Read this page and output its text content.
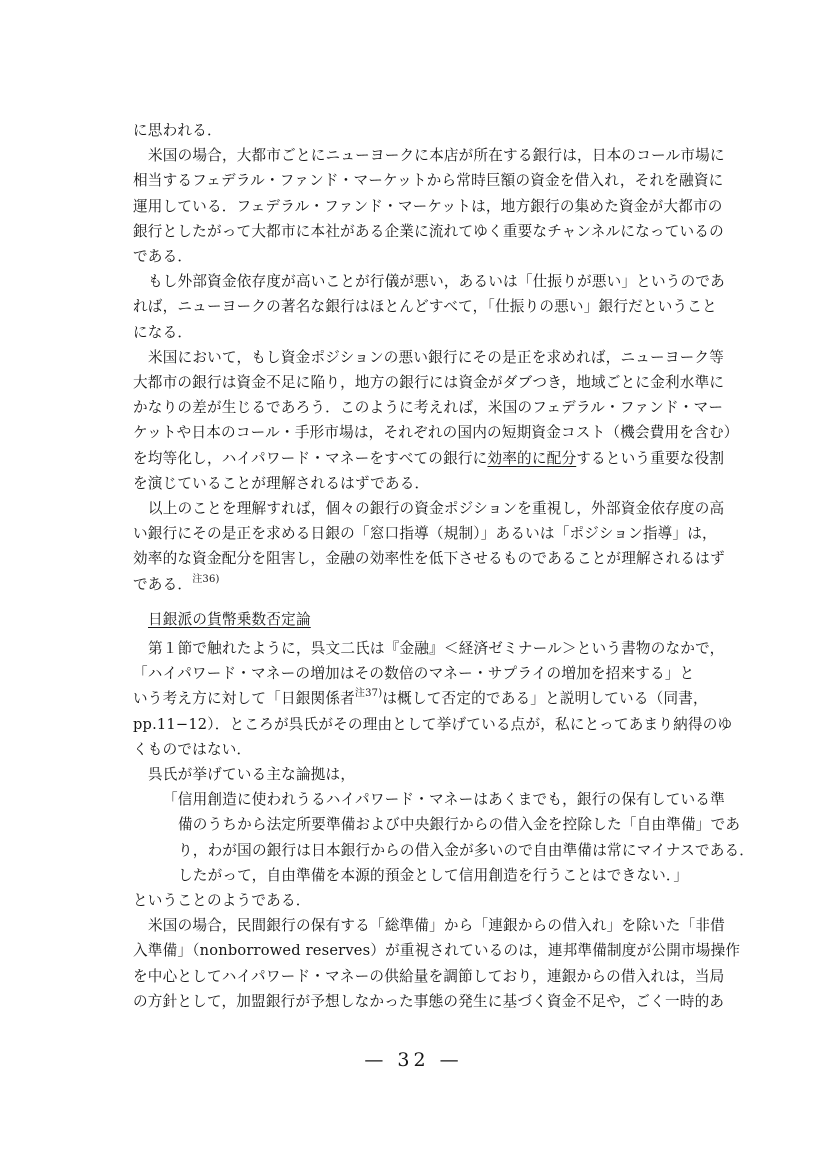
に思われる．
米国の場合，大都市ごとにニューヨークに本店が所在する銀行は，日本のコール市場に
相当するフェデラル・ファンド・マーケットから常時巨額の資金を借入れ，それを融資に
運用している．フェデラル・ファンド・マーケットは，地方銀行の集めた資金が大都市の
銀行としたがって大都市に本社がある企業に流れてゆく重要なチャンネルになっているの
である．
もし外部資金依存度が高いことが行儀が悪い，あるいは「仕振りが悪い」というのであ
れば，ニューヨークの著名な銀行はほとんどすべて，「仕振りの悪い」銀行だということ
になる．
米国において，もし資金ポジションの悪い銀行にその是正を求めれば，ニューヨーク等
大都市の銀行は資金不足に陥り，地方の銀行には資金がダブつき，地域ごとに金利水準に
かなりの差が生じるであろう．このように考えれば，米国のフェデラル・ファンド・マー
ケットや日本のコール・手形市場は，それぞれの国内の短期資金コスト（機会費用を含む）
を均等化し，ハイパワード・マネーをすべての銀行に効率的に配分するという重要な役割
を演じていることが理解されるはずである．
以上のことを理解すれば，個々の銀行の資金ポジションを重視し，外部資金依存度の高
い銀行にその是正を求める日銀の「窓口指導（規制）」あるいは「ポジション指導」は，
効率的な資金配分を阻害し，金融の効率性を低下させるものであることが理解されるはず
である．$^{注36)}$
日銀派の貨幣乗数否定論
第１節で触れたように，呉文二氏は『金融』＜経済ゼミナール＞という書物のなかで，
「ハイパワード・マネーの増加はその数倍のマネー・サプライの増加を招来する」と
いう考え方に対して「日銀関係者$^{注37)}$は概して否定的である」と説明している（同書，
pp.11−12）．ところが呉氏がその理由として挙げている点が，私にとってあまり納得のゆ
くものではない．
呉氏が挙げている主な論拠は，
「信用創造に使われうるハイパワード・マネーはあくまでも，銀行の保有している準
備のうちから法定所要準備および中央銀行からの借入金を控除した「自由準備」であ
り，わが国の銀行は日本銀行からの借入金が多いので自由準備は常にマイナスである．
したがって，自由準備を本源的預金として信用創造を行うことはできない．」
ということのようである．
米国の場合，民間銀行の保有する「総準備」から「連銀からの借入れ」を除いた「非借
入準備」（nonborrowed reserves）が重視されているのは，連邦準備制度が公開市場操作
を中心としてハイパワード・マネーの供給量を調節しており，連銀からの借入れは，当局
の方針として，加盟銀行が予想しなかった事態の発生に基づく資金不足や，ごく一時的あ
— 32 —
